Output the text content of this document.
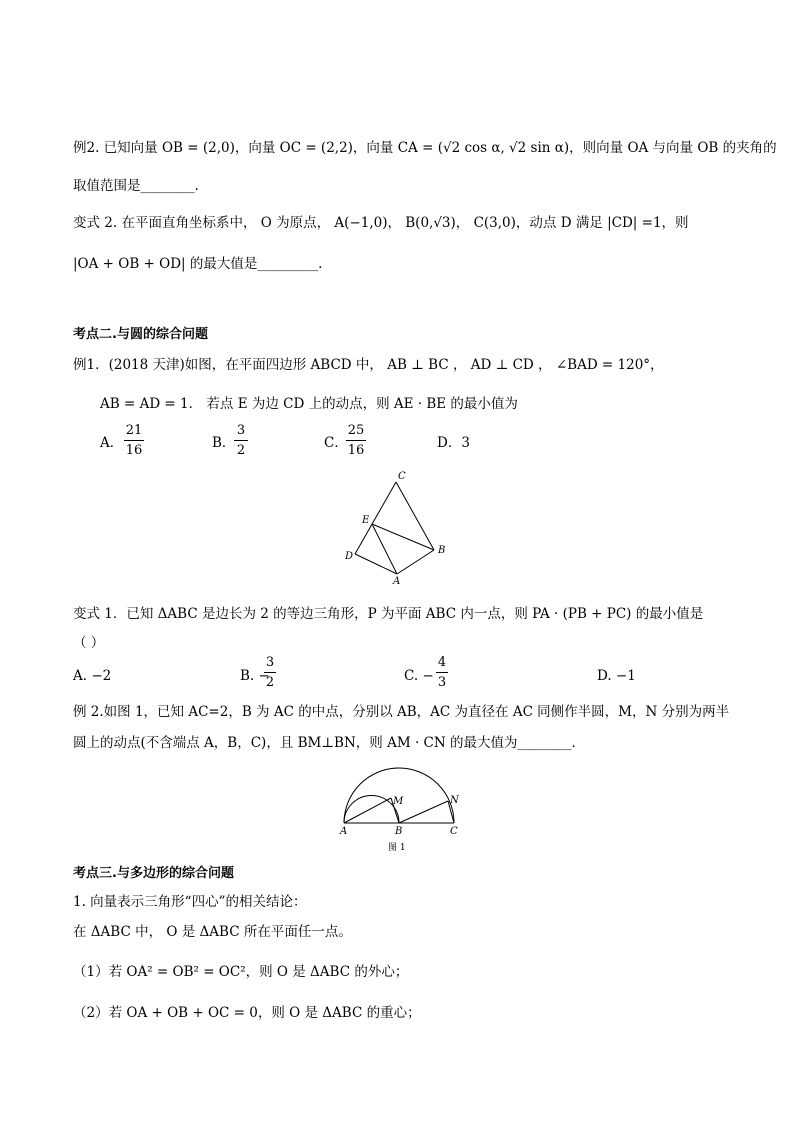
例2. 已知向量 OB = (2,0)，向量 OC = (2,2)，向量 CA = (√2 cos α, √2 sin α)，则向量 OA 与向量 OB 的夹角的
取值范围是________.
变式 2. 在平面直角坐标系中， O 为原点， A(−1,0)， B(0,√3)， C(3,0)，动点 D 满足 |CD| =1，则
|OA + OB + OD| 的最大值是_________.
考点二.与圆的综合问题
例1．(2018 天津)如图，在平面四边形 ABCD 中， AB ⊥ BC ， AD ⊥ CD ， ∠BAD = 120°，
AB = AD = 1． 若点 E 为边 CD 上的动点，则 AE · BE 的最小值为
A．
21
16	B．
3
2	C．
25
16	D．3
C
E
D
B
A
变式 1．已知 ΔABC 是边长为 2 的等边三角形，P 为平面 ABC 内一点，则 PA · (PB + PC) 的最小值是
（ ）
A. −2	B. −
3
2	C. −
4
3	D. −1
例 2.如图 1，已知 AC=2，B 为 AC 的中点，分别以 AB，AC 为直径在 AC 同侧作半圆，M，N 分别为两半
圆上的动点(不含端点 A，B，C)，且 BM⊥BN，则 AM · CN 的最大值为________．
A	B	C
M	N
图 1
考点三.与多边形的综合问题
1. 向量表示三角形“四心”的相关结论：
在 ΔABC 中， O 是 ΔABC 所在平面任一点。
（1）若 OA² = OB² = OC²，则 O 是 ΔABC 的外心；
（2）若 OA + OB + OC = 0，则 O 是 ΔABC 的重心；
